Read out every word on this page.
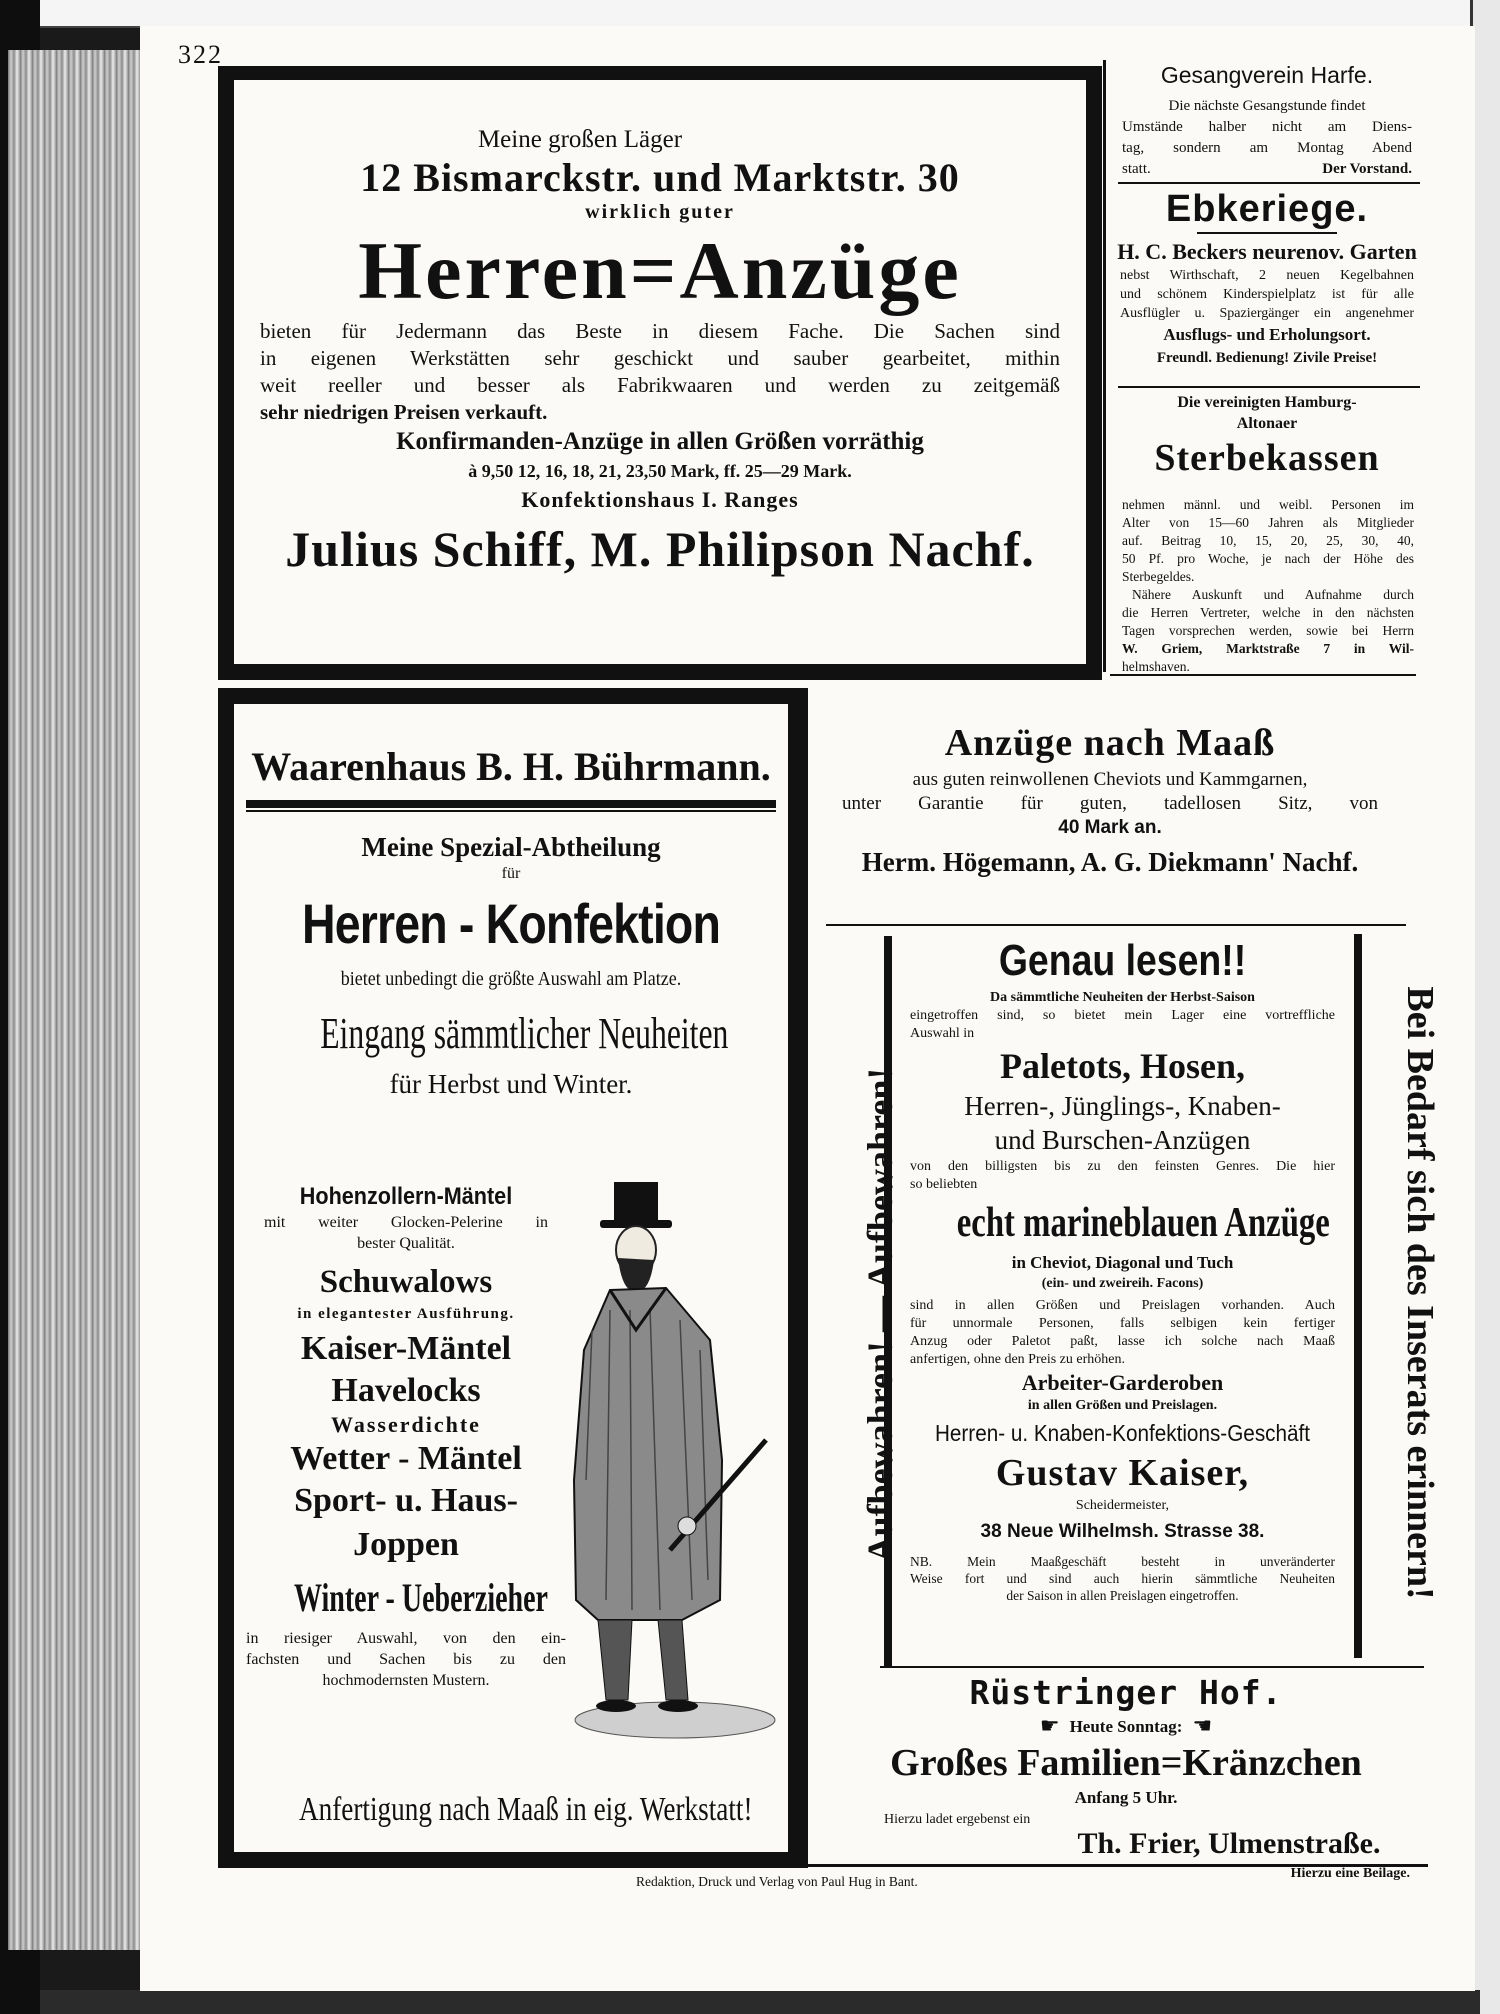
322
Meine großen Läger
12 Bismarckstr. und Marktstr. 30
wirklich guter
Herren=Anzüge
bieten für Jedermann das Beste in diesem Fache. Die Sachen sind
in eigenen Werkstätten sehr geschickt und sauber gearbeitet, mithin
weit reeller und besser als Fabrikwaaren und werden zu zeitgemäß
sehr niedrigen Preisen verkauft.
Konfirmanden-Anzüge in allen Größen vorräthig
à 9,50 12, 16, 18, 21, 23,50 Mark, ff. 25—29 Mark.
Konfektionshaus I. Ranges
Julius Schiff, M. Philipson Nachf.
Gesangverein Harfe.
Die nächste Gesangstunde findet
Umstände halber nicht am Diens-
tag, sondern am Montag Abend
statt.	Der Vorstand.
Ebkeriege.
H. C. Beckers neurenov. Garten
nebst Wirthschaft, 2 neuen Kegelbahnen
und schönem Kinderspielplatz ist für alle
Ausflügler u. Spaziergänger ein angenehmer
Ausflugs- und Erholungsort.
Freundl. Bedienung! Zivile Preise!
Die vereinigten Hamburg-
Altonaer
Sterbekassen
nehmen männl. und weibl. Personen im
Alter von 15—60 Jahren als Mitglieder
auf. Beitrag 10, 15, 20, 25, 30, 40,
50 Pf. pro Woche, je nach der Höhe des
Sterbegeldes.
Nähere Auskunft und Aufnahme durch
die Herren Vertreter, welche in den nächsten
Tagen vorsprechen werden, sowie bei Herrn
W. Griem, Marktstraße 7 in Wil-
helmshaven.
Waarenhaus B. H. Bührmann.
Meine Spezial-Abtheilung
für
Herren - Konfektion
bietet unbedingt die größte Auswahl am Platze.
Eingang sämmtlicher Neuheiten
für Herbst und Winter.
Hohenzollern-Mäntel
mit weiter Glocken-Pelerine in
bester Qualität.
Schuwalows
in elegantester Ausführung.
Kaiser-Mäntel
Havelocks
Wasserdichte
Wetter - Mäntel
Sport- u. Haus-
Joppen
Winter - Ueberzieher
in riesiger Auswahl, von den ein-
fachsten und Sachen bis zu den
hochmodernsten Mustern.
Anfertigung nach Maaß in eig. Werkstatt!
Anzüge nach Maaß
aus guten reinwollenen Cheviots und Kammgarnen,
unter Garantie für guten, tadellosen Sitz, von
40 Mark an.
Herm. Högemann, A. G. Diekmann' Nachf.
Aufbewahren! — Aufbewahren!	Bei Bedarf sich des Inserats erinnern!
Genau lesen!!
Da sämmtliche Neuheiten der Herbst-Saison
eingetroffen sind, so bietet mein Lager eine vortreffliche
Auswahl in
Paletots, Hosen,
Herren-, Jünglings-, Knaben-
und Burschen-Anzügen
von den billigsten bis zu den feinsten Genres. Die hier
so beliebten
echt marineblauen Anzüge
in Cheviot, Diagonal und Tuch
(ein- und zweireih. Facons)
sind in allen Größen und Preislagen vorhanden. Auch
für unnormale Personen, falls selbigen kein fertiger
Anzug oder Paletot paßt, lasse ich solche nach Maaß
anfertigen, ohne den Preis zu erhöhen.
Arbeiter-Garderoben
in allen Größen und Preislagen.
Herren- u. Knaben-Konfektions-Geschäft
Gustav Kaiser,
Scheidermeister,
38 Neue Wilhelmsh. Strasse 38.
NB. Mein Maaßgeschäft besteht in unveränderter
Weise fort und sind auch hierin sämmtliche Neuheiten
der Saison in allen Preislagen eingetroffen.
Rüstringer Hof.
☛ Heute Sonntag: ☚
Großes Familien=Kränzchen
Anfang 5 Uhr.
Hierzu ladet ergebenst ein
Th. Frier, Ulmenstraße.
Redaktion, Druck und Verlag von Paul Hug in Bant.
Hierzu eine Beilage.
